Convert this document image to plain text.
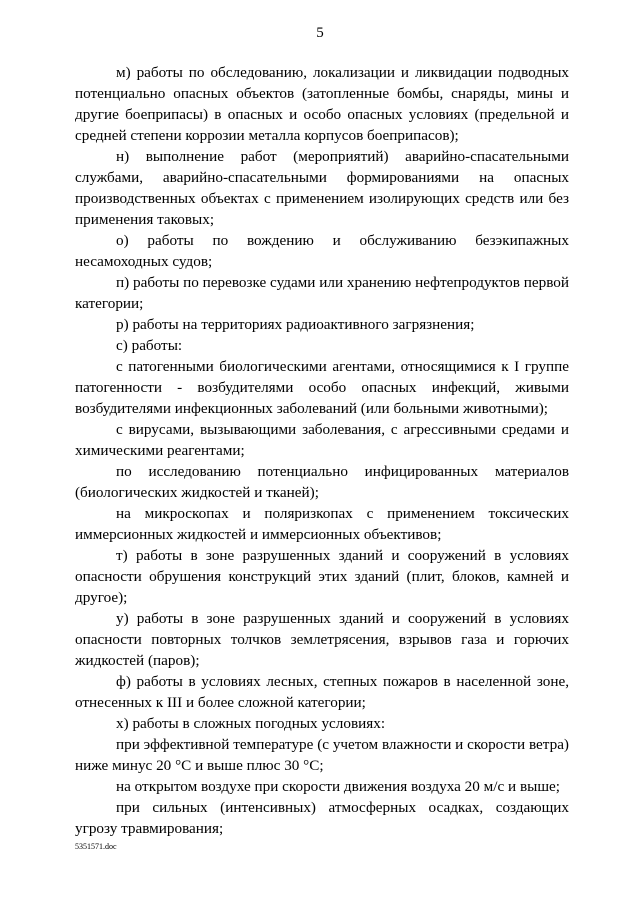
5

м) работы по обследованию, локализации и ликвидации подводных потенциально опасных объектов (затопленные бомбы, снаряды, мины и другие боеприпасы) в опасных и особо опасных условиях (предельной и средней степени коррозии металла корпусов боеприпасов);

н) выполнение работ (мероприятий) аварийно-спасательными службами, аварийно-спасательными формированиями на опасных производственных объектах с применением изолирующих средств или без применения таковых;

о) работы по вождению и обслуживанию безэкипажных несамоходных судов;

п) работы по перевозке судами или хранению нефтепродуктов первой категории;

р) работы на территориях радиоактивного загрязнения;

с) работы:

с патогенными биологическими агентами, относящимися к I группе патогенности - возбудителями особо опасных инфекций, живыми возбудителями инфекционных заболеваний (или больными животными);

с вирусами, вызывающими заболевания, с агрессивными средами и химическими реагентами;

по исследованию потенциально инфицированных материалов (биологических жидкостей и тканей);

на микроскопах и поляризкопах с применением токсических иммерсионных жидкостей и иммерсионных объективов;

т) работы в зоне разрушенных зданий и сооружений в условиях опасности обрушения конструкций этих зданий (плит, блоков, камней и другое);

у) работы в зоне разрушенных зданий и сооружений в условиях опасности повторных толчков землетрясения, взрывов газа и горючих жидкостей (паров);

ф) работы в условиях лесных, степных пожаров в населенной зоне, отнесенных к III и более сложной категории;

х) работы в сложных погодных условиях:

при эффективной температуре (с учетом влажности и скорости ветра) ниже минус 20 °C и выше плюс 30 °C;

на открытом воздухе при скорости движения воздуха 20 м/с и выше;

при сильных (интенсивных) атмосферных осадках, создающих угрозу травмирования;

5351571.doc
